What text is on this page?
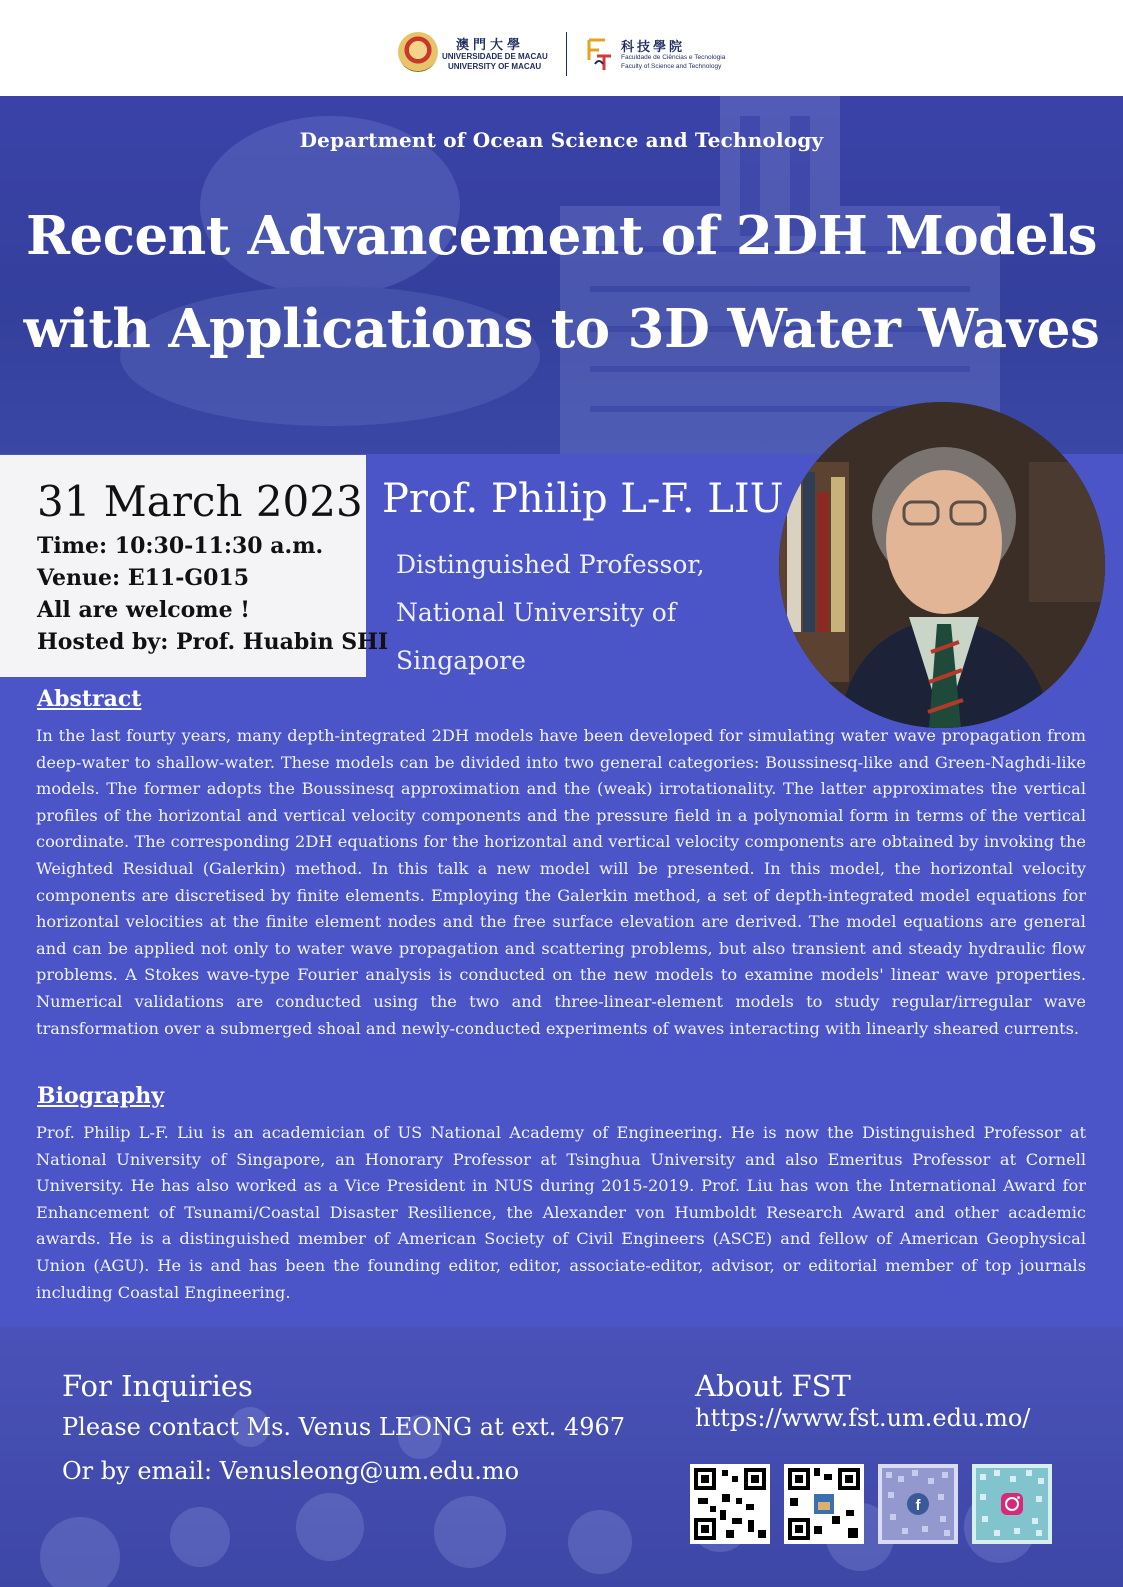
澳門大學
UNIVERSIDADE DE MACAU
UNIVERSITY OF MACAU
科技學院
Faculdade de Ciências e Tecnologia
Faculty of Science and Technology
Department of Ocean Science and Technology
Recent Advancement of 2DH Models
with Applications to 3D Water Waves
31 March 2023
Time: 10:30-11:30 a.m.
Venue: E11-G015
All are welcome !
Hosted by: Prof. Huabin SHI
Prof. Philip L-F. LIU
Distinguished Professor,
National University of
Singapore
Abstract
In the last fourty years, many depth-integrated 2DH models have been developed for simulating water wave propagation from deep-water to shallow-water. These models can be divided into two general categories: Boussinesq-like and Green-Naghdi-like models. The former adopts the Boussinesq approximation and the (weak) irrotationality. The latter approximates the vertical profiles of the horizontal and vertical velocity components and the pressure field in a polynomial form in terms of the vertical coordinate. The corresponding 2DH equations for the horizontal and vertical velocity components are obtained by invoking the Weighted Residual (Galerkin) method. In this talk a new model will be presented. In this model, the horizontal velocity components are discretised by finite elements. Employing the Galerkin method, a set of depth-integrated model equations for horizontal velocities at the finite element nodes and the free surface elevation are derived. The model equations are general and can be applied not only to water wave propagation and scattering problems, but also transient and steady hydraulic flow problems. A Stokes wave-type Fourier analysis is conducted on the new models to examine models' linear wave properties. Numerical validations are conducted using the two and three-linear-element models to study regular/irregular wave transformation over a submerged shoal and newly-conducted experiments of waves interacting with linearly sheared currents.
Biography
Prof. Philip L-F. Liu is an academician of US National Academy of Engineering. He is now the Distinguished Professor at National University of Singapore, an Honorary Professor at Tsinghua University and also Emeritus Professor at Cornell University. He has also worked as a Vice President in NUS during 2015-2019. Prof. Liu has won the International Award for Enhancement of Tsunami/Coastal Disaster Resilience, the Alexander von Humboldt Research Award and other academic awards. He is a distinguished member of American Society of Civil Engineers (ASCE) and fellow of American Geophysical Union (AGU). He is and has been the founding editor, editor, associate-editor, advisor, or editorial member of top journals including Coastal Engineering.
For Inquiries
Please contact Ms. Venus LEONG at ext. 4967
Or by email: Venusleong@um.edu.mo
About FST
https://www.fst.um.edu.mo/
f
